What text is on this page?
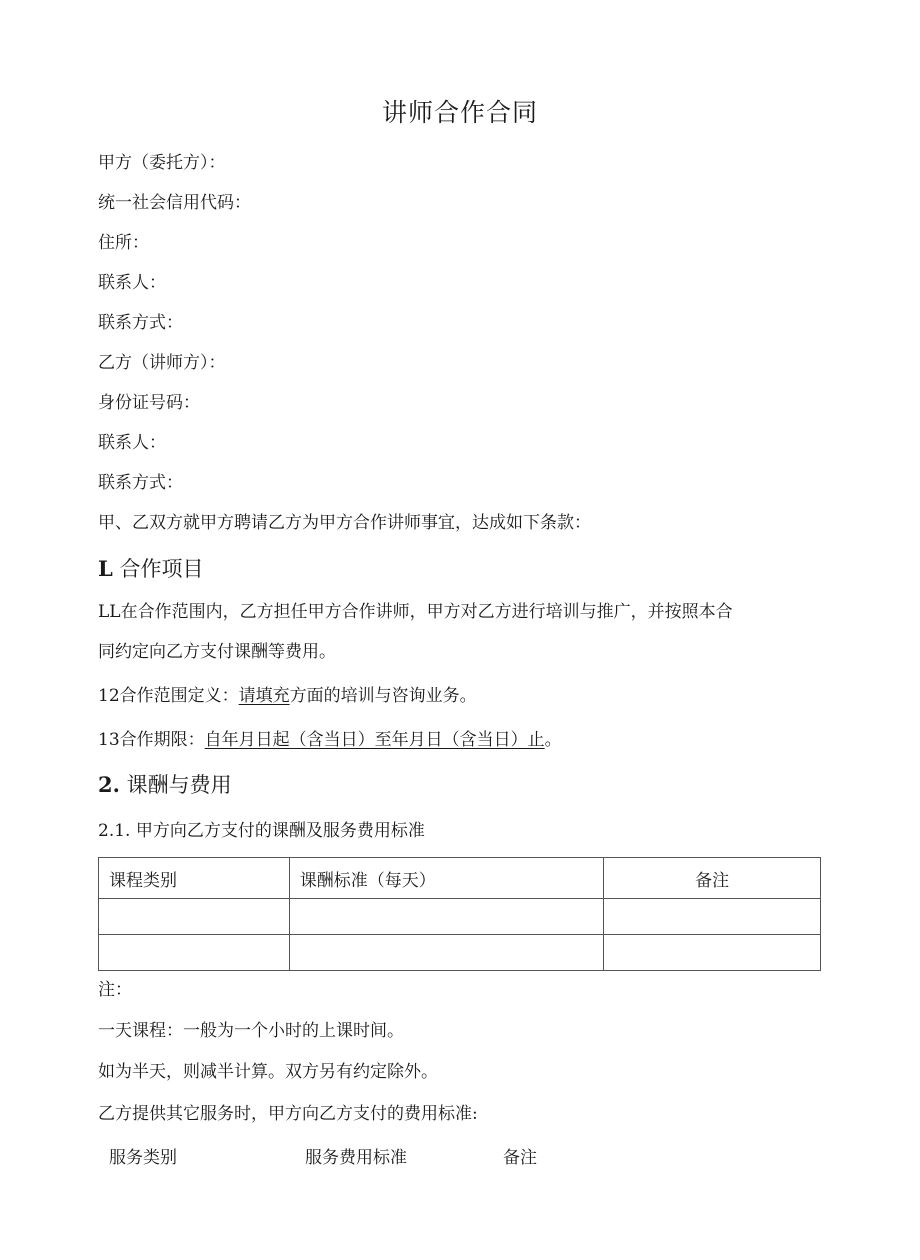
讲师合作合同
甲方（委托方）：
统一社会信用代码：
住所：
联系人：
联系方式：
乙方（讲师方）：
身份证号码：
联系人：
联系方式：
甲、乙双方就甲方聘请乙方为甲方合作讲师事宜，达成如下条款：
L 合作项目
LL在合作范围内，乙方担任甲方合作讲师，甲方对乙方进行培训与推广，并按照本合
同约定向乙方支付课酬等费用。
12合作范围定义：请填充方面的培训与咨询业务。
13合作期限：自年月日起（含当日）至年月日（含当日）止。
2. 课酬与费用
2.1. 甲方向乙方支付的课酬及服务费用标准
课程类别	课酬标准（每天）	备注

注：
一天课程：一般为一个小时的上课时间。
如为半天，则减半计算。双方另有约定除外。
乙方提供其它服务时，甲方向乙方支付的费用标准:
服务类别	服务费用标准	备注
